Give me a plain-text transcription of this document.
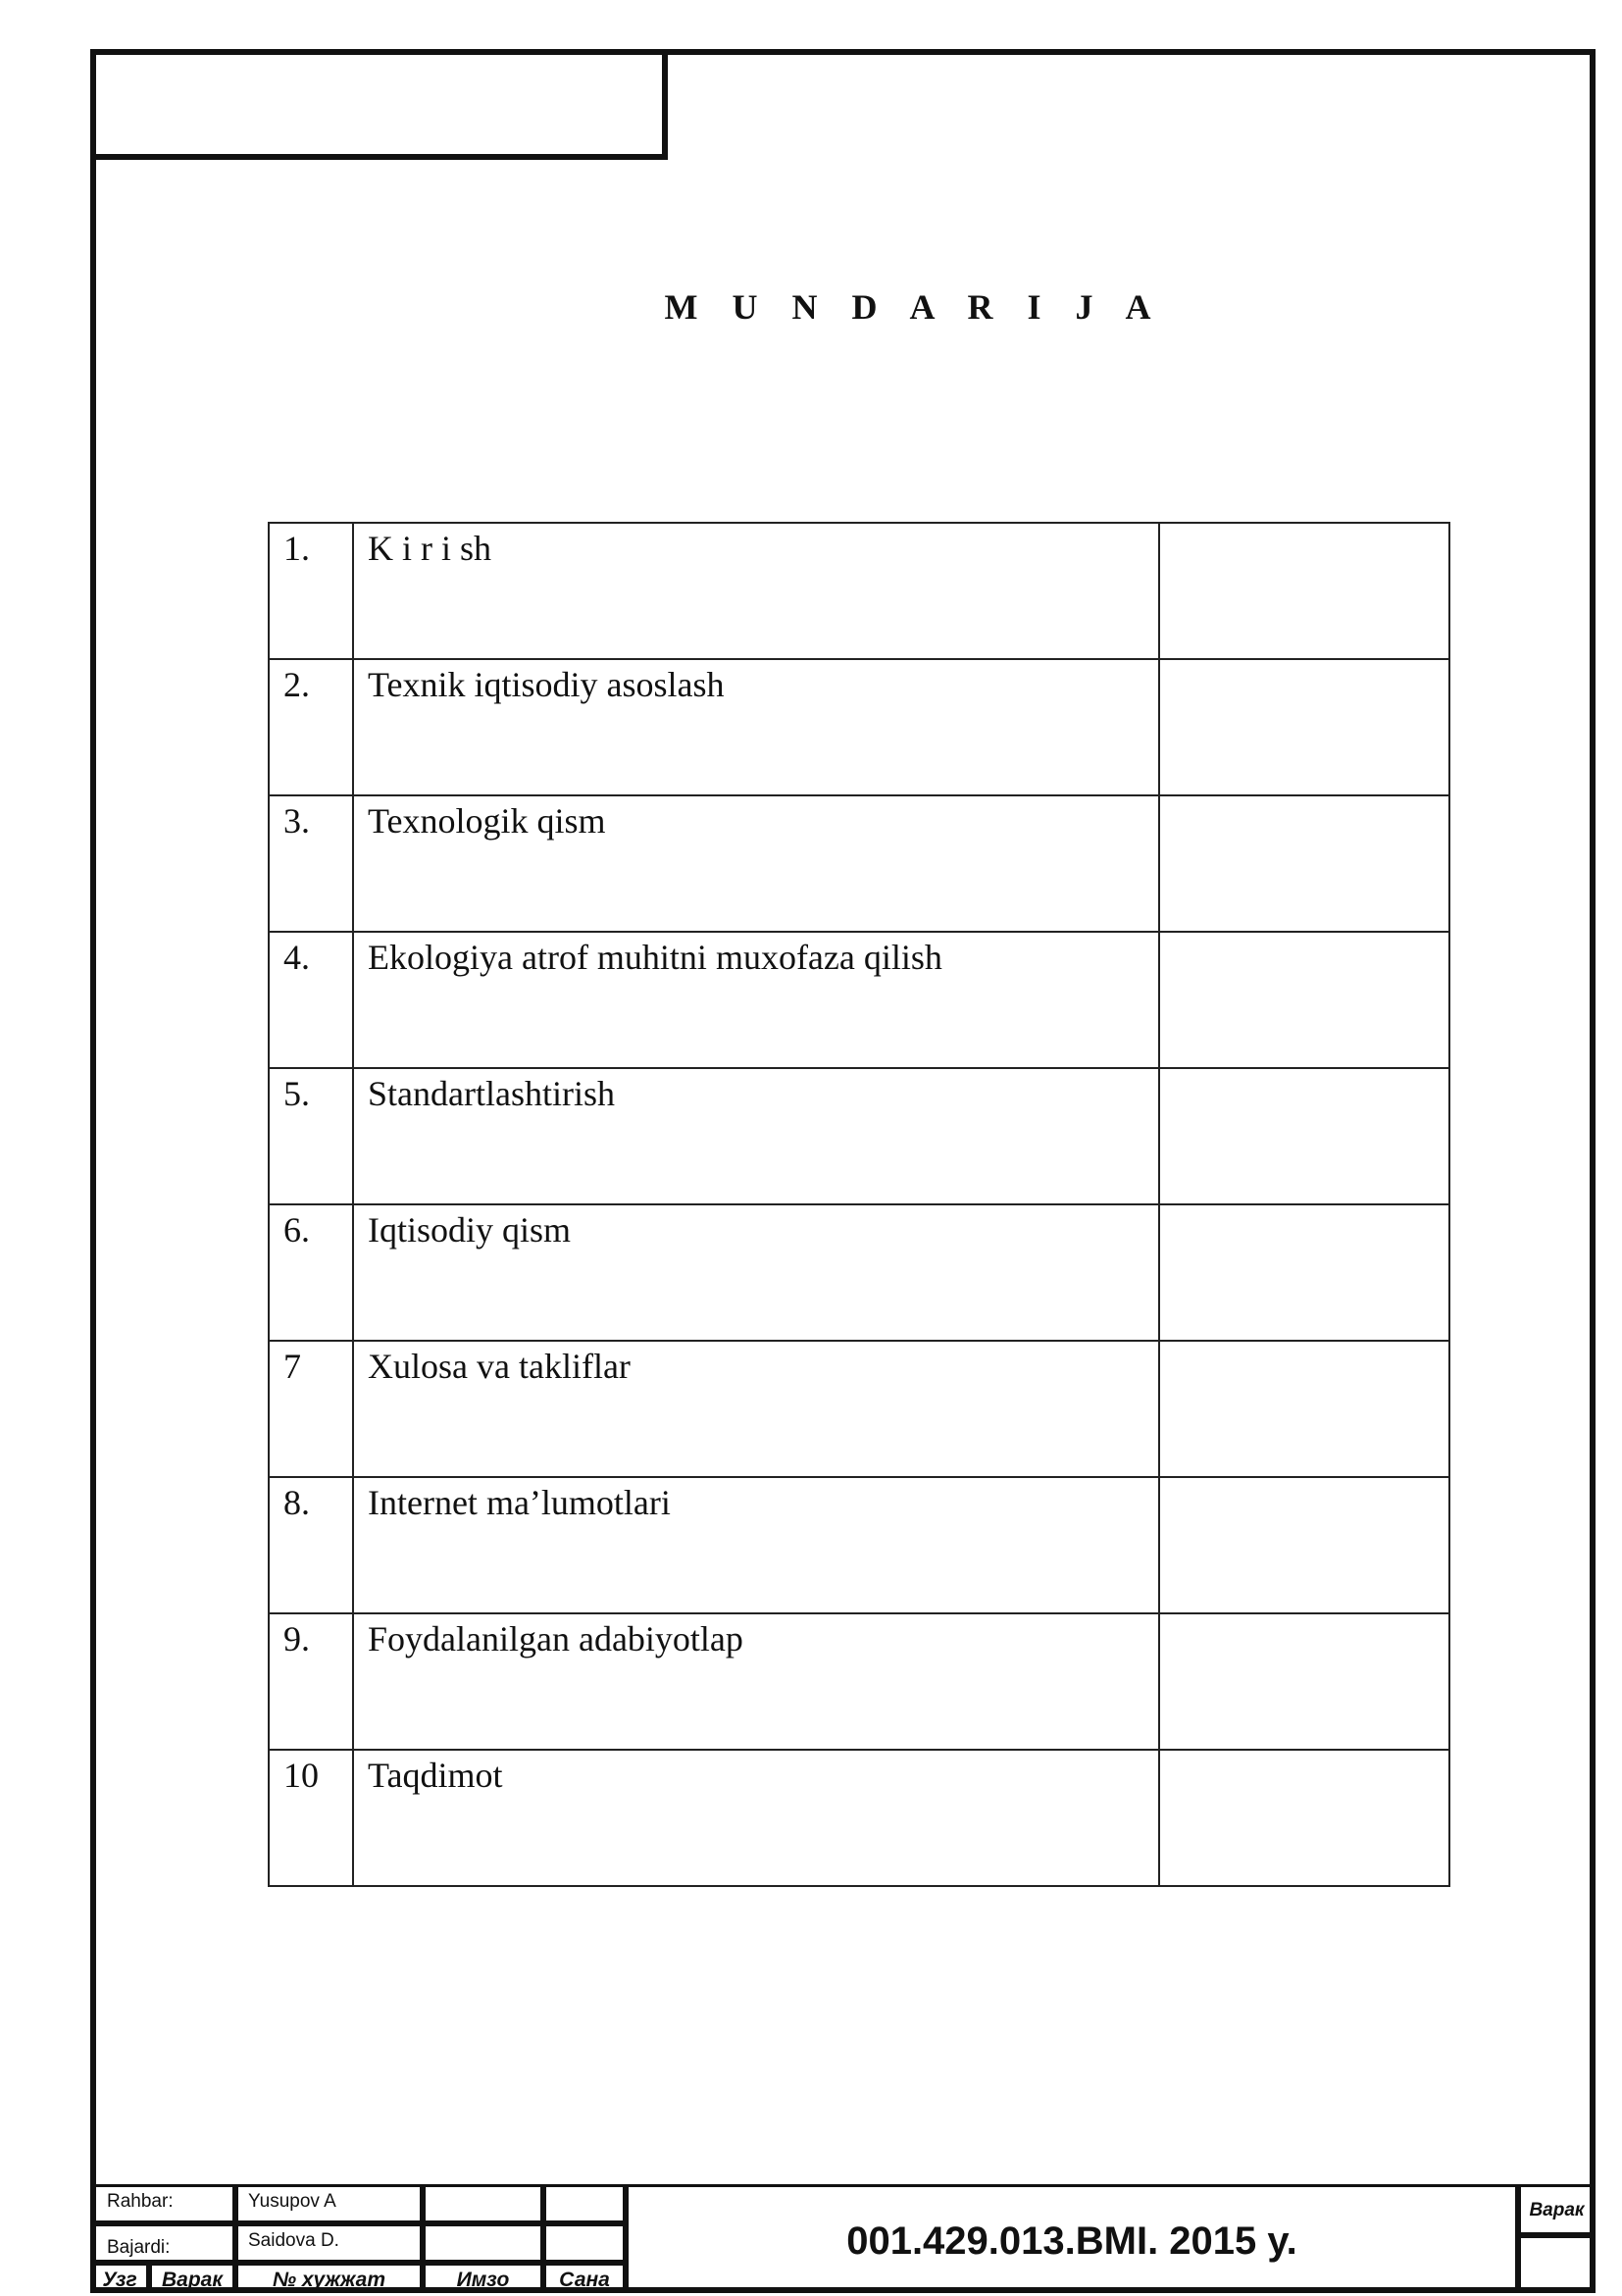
M U N D A R I J A
1.	K i r i sh	
2.	Texnik iqtisodiy asoslash	
3.	Texnologik qism	
4.	Ekologiya atrof muhitni muxofaza qilish	
5.	Standartlashtirish	
6.	Iqtisodiy qism	
7	Xulosa va takliflar	
8.	Internet ma’lumotlari	
9.	Foydalanilgan adabiyotlap	
10	Taqdimot	
Rahbar:	Yusupov A
Bajardi:	Saidova D.
Узг	Варак	№ хужжат	Имзо	Сана
001.429.013.BMI. 2015 y.
Варак
